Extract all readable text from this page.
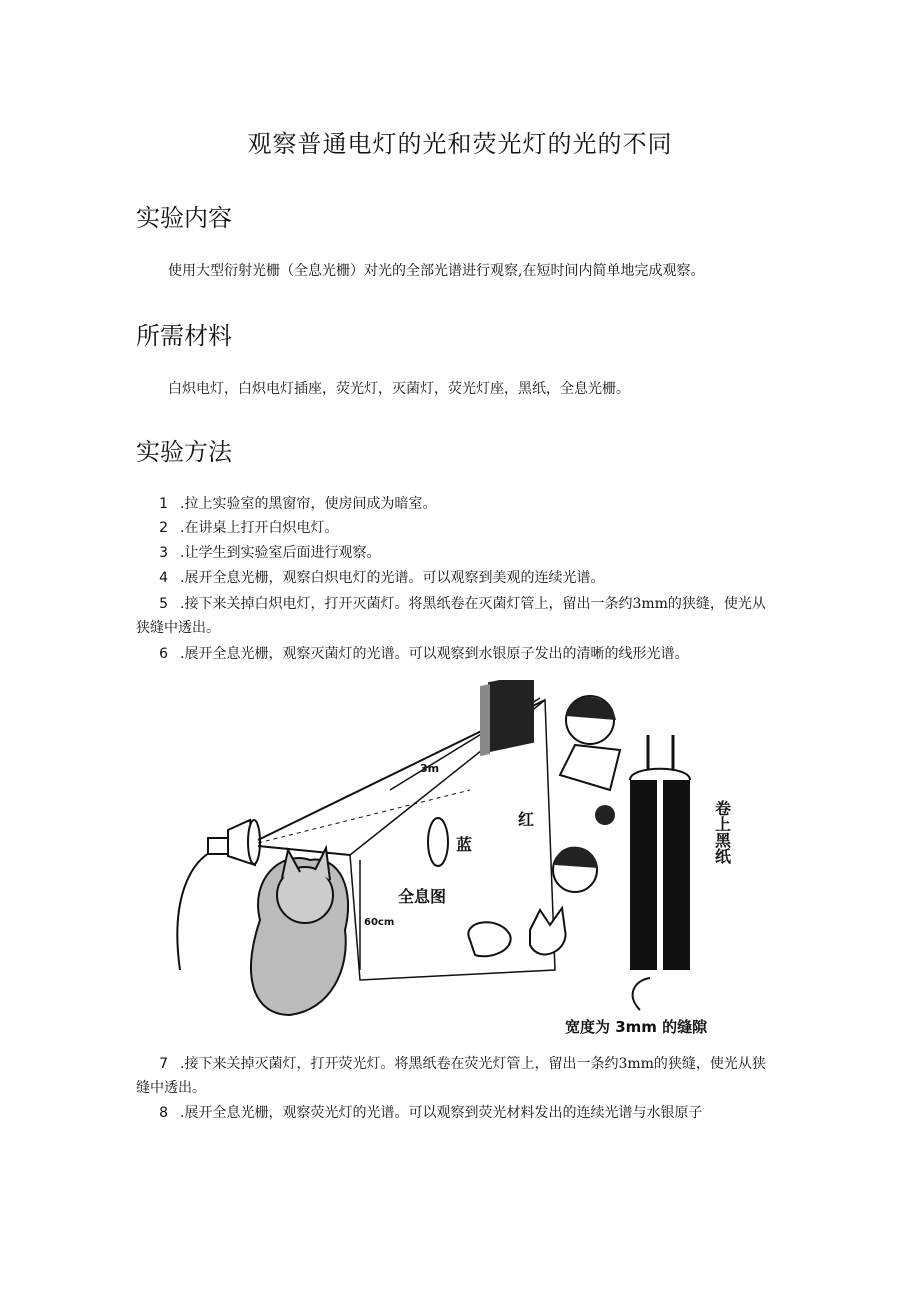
观察普通电灯的光和荧光灯的光的不同
实验内容
使用大型衍射光栅（全息光栅）对光的全部光谱进行观察,在短时间内简单地完成观察。
所需材料
白炽电灯，白炽电灯插座，荧光灯，灭菌灯，荧光灯座，黑纸，全息光栅。
实验方法
1 .拉上实验室的黑窗帘，使房间成为暗室。
2 .在讲桌上打开白炽电灯。
3 .让学生到实验室后面进行观察。
4 .展开全息光栅，观察白炽电灯的光谱。可以观察到美观的连续光谱。
5 .接下来关掉白炽电灯，打开灭菌灯。将黑纸卷在灭菌灯管上，留出一条约3mm的狭缝，使光从狭缝中透出。
6 .展开全息光栅，观察灭菌灯的光谱。可以观察到水银原子发出的清晰的线形光谱。
3m
红
蓝
全息图
60cm
卷上黑纸
宽度为 3mm 的缝隙
7 .接下来关掉灭菌灯，打开荧光灯。将黑纸卷在荧光灯管上，留出一条约3mm的狭缝，使光从狭缝中透出。
8 .展开全息光栅，观察荧光灯的光谱。可以观察到荧光材料发出的连续光谱与水银原子
